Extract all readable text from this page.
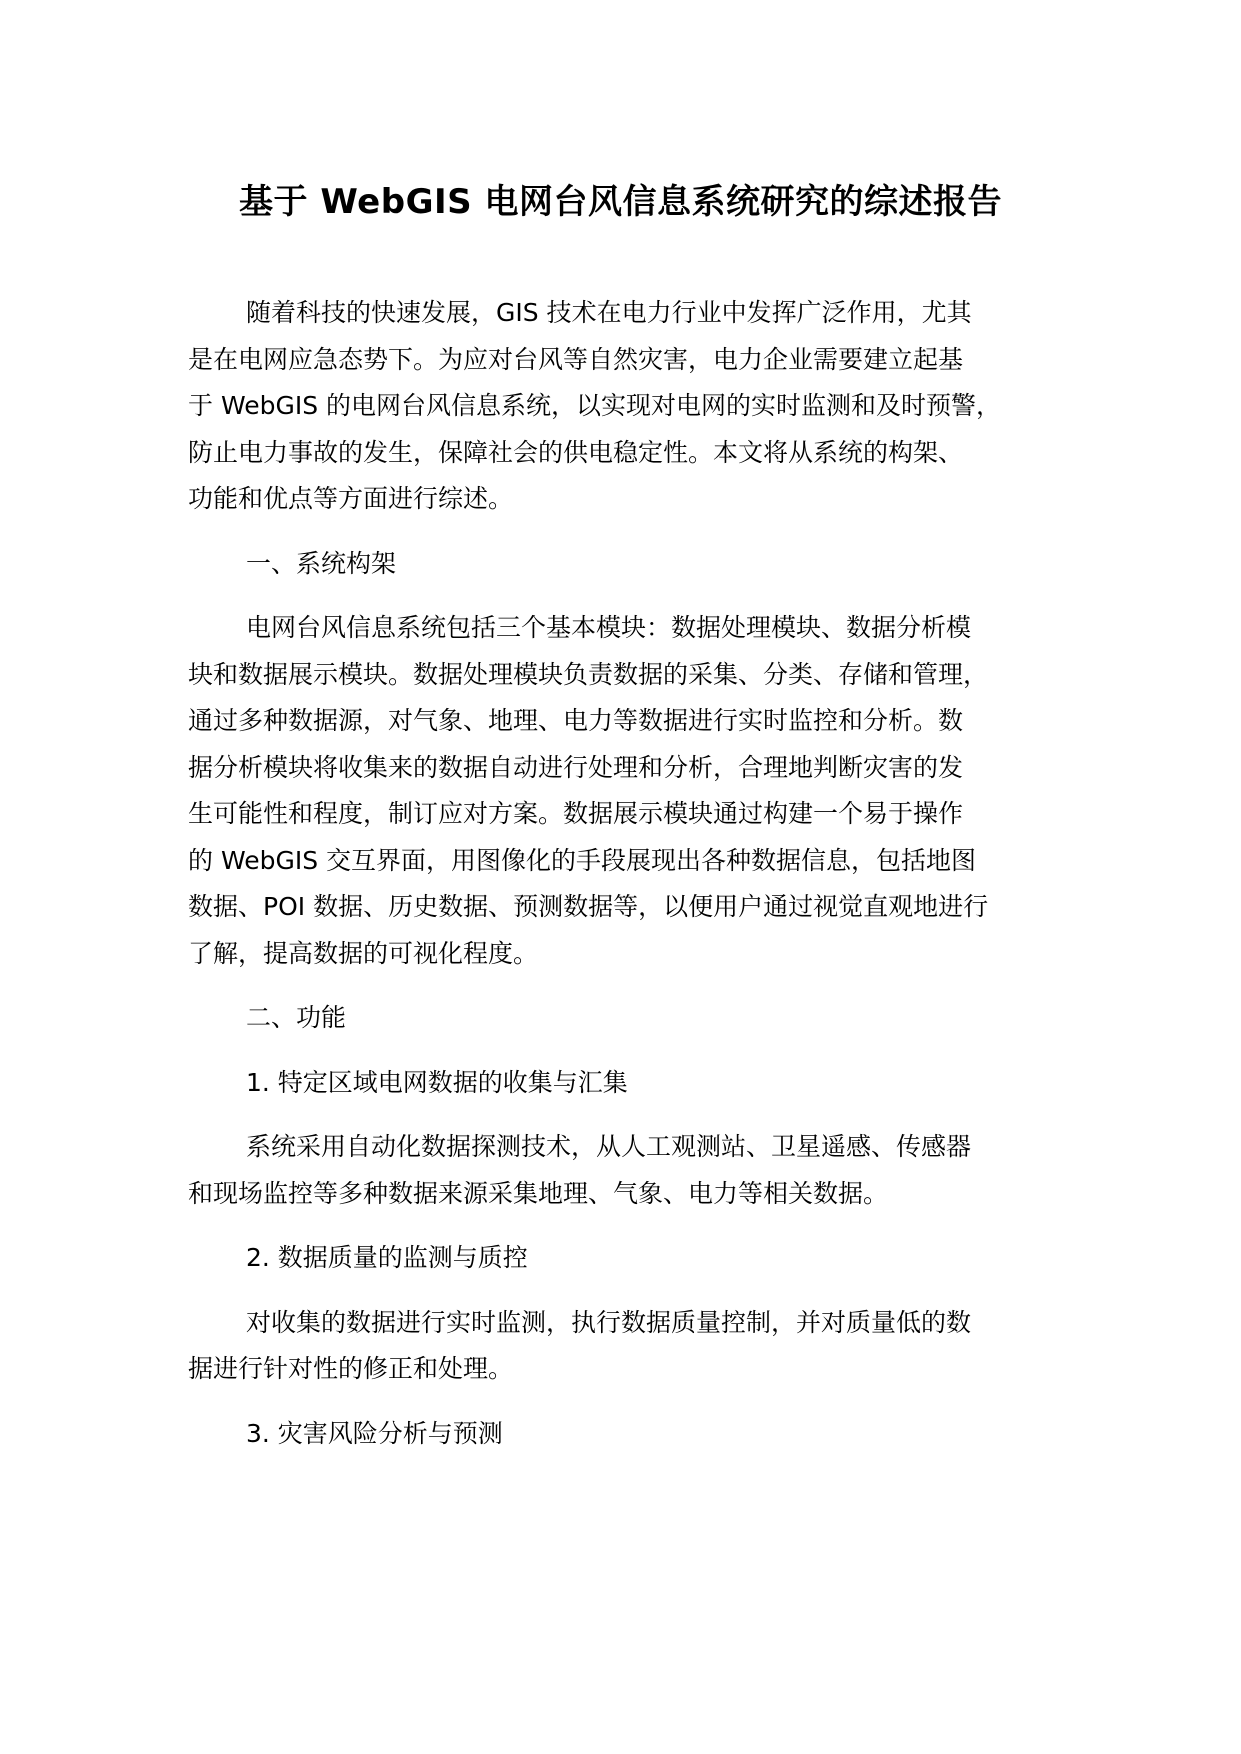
基于 WebGIS 电网台风信息系统研究的综述报告
随着科技的快速发展，GIS 技术在电力行业中发挥广泛作用，尤其
是在电网应急态势下。为应对台风等自然灾害，电力企业需要建立起基
于 WebGIS 的电网台风信息系统，以实现对电网的实时监测和及时预警，
防止电力事故的发生，保障社会的供电稳定性。本文将从系统的构架、
功能和优点等方面进行综述。
一、系统构架
电网台风信息系统包括三个基本模块：数据处理模块、数据分析模
块和数据展示模块。数据处理模块负责数据的采集、分类、存储和管理，
通过多种数据源，对气象、地理、电力等数据进行实时监控和分析。数
据分析模块将收集来的数据自动进行处理和分析，合理地判断灾害的发
生可能性和程度，制订应对方案。数据展示模块通过构建一个易于操作
的 WebGIS 交互界面，用图像化的手段展现出各种数据信息，包括地图
数据、POI 数据、历史数据、预测数据等，以便用户通过视觉直观地进行
了解，提高数据的可视化程度。
二、功能
1. 特定区域电网数据的收集与汇集
系统采用自动化数据探测技术，从人工观测站、卫星遥感、传感器
和现场监控等多种数据来源采集地理、气象、电力等相关数据。
2. 数据质量的监测与质控
对收集的数据进行实时监测，执行数据质量控制，并对质量低的数
据进行针对性的修正和处理。
3. 灾害风险分析与预测
